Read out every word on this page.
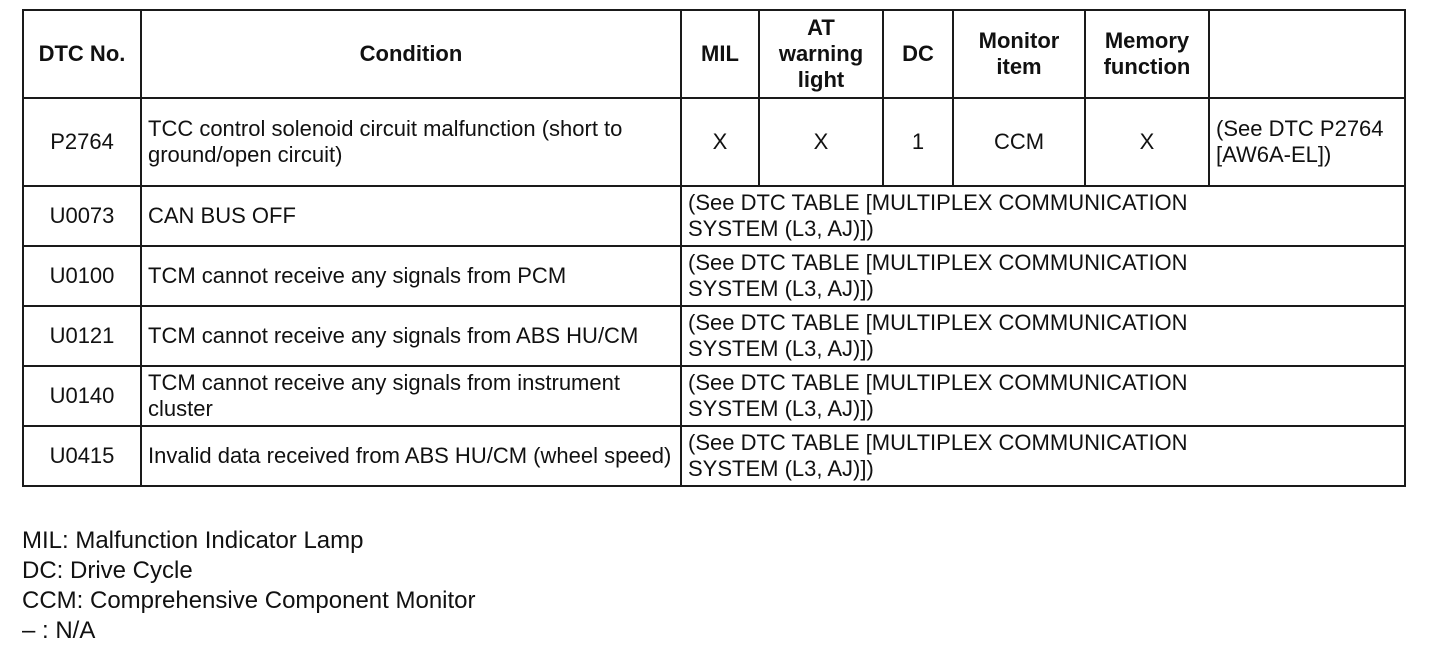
DTC No.	Condition	MIL	AT warning light	DC	Monitor item	Memory function	
P2764	TCC control solenoid circuit malfunction (short to ground/open circuit)	X	X	1	CCM	X	(See DTC P2764 [AW6A-EL])
U0073	CAN BUS OFF	(See DTC TABLE [MULTIPLEX COMMUNICATION SYSTEM (L3, AJ)])					
U0100	TCM cannot receive any signals from PCM	(See DTC TABLE [MULTIPLEX COMMUNICATION SYSTEM (L3, AJ)])					
U0121	TCM cannot receive any signals from ABS HU/CM	(See DTC TABLE [MULTIPLEX COMMUNICATION SYSTEM (L3, AJ)])					
U0140	TCM cannot receive any signals from instrument cluster	(See DTC TABLE [MULTIPLEX COMMUNICATION SYSTEM (L3, AJ)])					
U0415	Invalid data received from ABS HU/CM (wheel speed)	(See DTC TABLE [MULTIPLEX COMMUNICATION SYSTEM (L3, AJ)])					
MIL: Malfunction Indicator Lamp
DC: Drive Cycle
CCM: Comprehensive Component Monitor
– : N/A
